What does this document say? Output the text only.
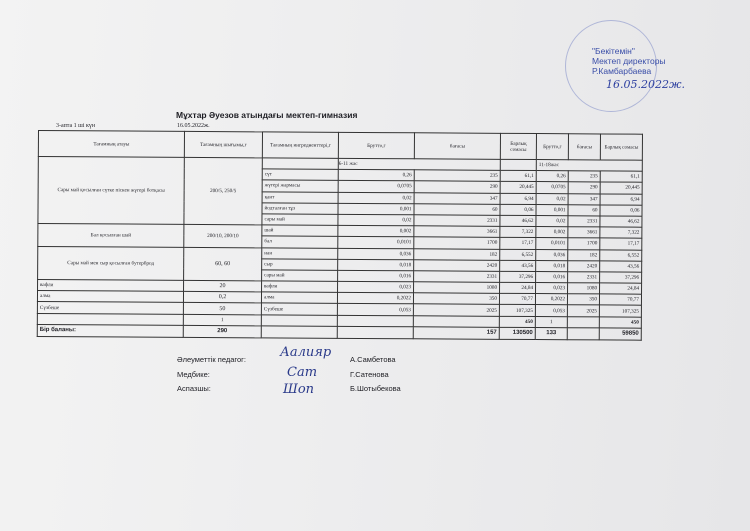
"Бекітемін"
Мектеп директоры
Р.Камбарбаева
16.05.2022ж.
Мұхтар Әуезов атындағы мектеп-гимназия
3-апта 1 ші күн	16.05.2022ж.
Тағамның атауы	Тағамның шығымы,г	Тағамның ингредиенттері,г	Брутто,г	бағасы	Барлық сомасы	Брутто,г	бағасы	Барлық сомасы
Сары май қосылған сүтке піскен жүгері ботқасы	200/5, 250/5		6-11 жас			11-18жас		
		сүт	0,26	235	61,1	0,26	235	61,1
		жүгері жармасы	0,0705	290	20,445	0,0705	290	20,445
		қант	0,02	347	6,94	0,02	347	6,94
		йодталған тұз	0,001	60	0,06	0,001	60	0,06
		сары май	0,02	2331	46,62	0,02	2331	46,62
Бал қосылған шай	200/10, 200/10	шай	0,002	3661	7,322	0,002	3661	7,322
		бал	0,0101	1700	17,17	0,0101	1700	17,17
Сары май мен сыр қосылған бутерброд	60, 60	нан	0,036	182	6,552	0,036	182	6,552
		сыр	0,018	2420	43,56	0,018	2420	43,56
		сары май	0,016	2331	37,296	0,016	2331	37,296
вафли	20	вафли	0,023	1080	24,84	0,023	1080	24,84
алма	0,2	алма	0,2022	350	70,77	0,2022	350	70,77
Сүзбеше	50	Сүзбеше	0,053	2025	107,325	0,053	2025	107,325
	1				450	1		450
Бір баланы:	290			157	130500	133		59850
Әлеуметтік педагог:	А.Самбетова
Медбике:	Г.Сатенова
Аспазшы:	Б.Шотыбекова
Аалияр
Сат
Шоп
